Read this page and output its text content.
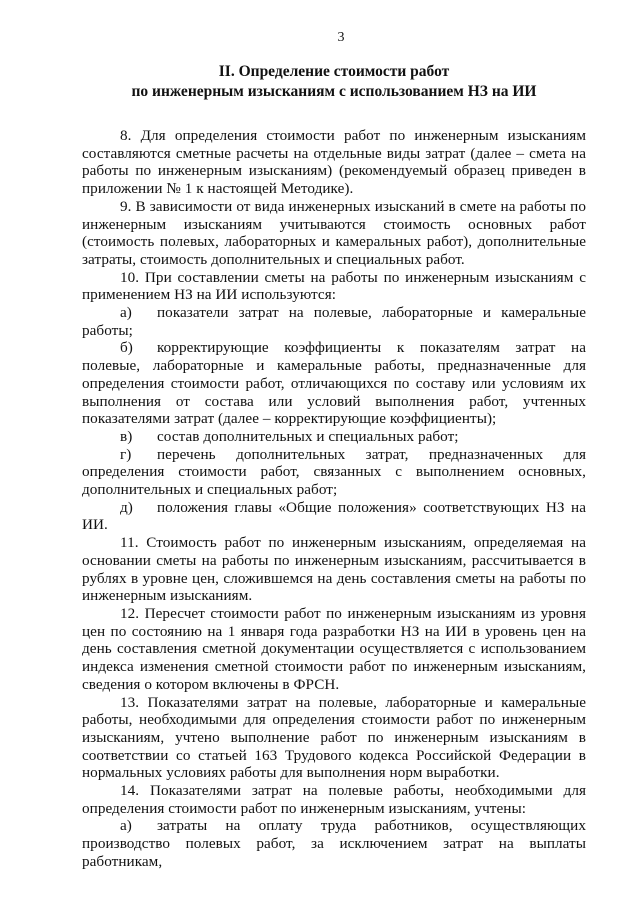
3
II. Определение стоимости работ
по инженерным изысканиям с использованием НЗ на ИИ

8. Для определения стоимости работ по инженерным изысканиям составляются сметные расчеты на отдельные виды затрат (далее – смета на работы по инженерным изысканиям) (рекомендуемый образец приведен в приложении № 1 к настоящей Методике).

9. В зависимости от вида инженерных изысканий в смете на работы по инженерным изысканиям учитываются стоимость основных работ (стоимость полевых, лабораторных и камеральных работ), дополнительные затраты, стоимость дополнительных и специальных работ.

10. При составлении сметы на работы по инженерным изысканиям с применением НЗ на ИИ используются:

а) показатели затрат на полевые, лабораторные и камеральные работы;

б) корректирующие коэффициенты к показателям затрат на полевые, лабораторные и камеральные работы, предназначенные для определения стоимости работ, отличающихся по составу или условиям их выполнения от состава или условий выполнения работ, учтенных показателями затрат (далее – корректирующие коэффициенты);

в) состав дополнительных и специальных работ;

г) перечень дополнительных затрат, предназначенных для определения стоимости работ, связанных с выполнением основных, дополнительных и специальных работ;

д) положения главы «Общие положения» соответствующих НЗ на ИИ.

11. Стоимость работ по инженерным изысканиям, определяемая на основании сметы на работы по инженерным изысканиям, рассчитывается в рублях в уровне цен, сложившемся на день составления сметы на работы по инженерным изысканиям.

12. Пересчет стоимости работ по инженерным изысканиям из уровня цен по состоянию на 1 января года разработки НЗ на ИИ в уровень цен на день составления сметной документации осуществляется с использованием индекса изменения сметной стоимости работ по инженерным изысканиям, сведения о котором включены в ФРСН.

13. Показателями затрат на полевые, лабораторные и камеральные работы, необходимыми для определения стоимости работ по инженерным изысканиям, учтено выполнение работ по инженерным изысканиям в соответствии со статьей 163 Трудового кодекса Российской Федерации в нормальных условиях работы для выполнения норм выработки.

14. Показателями затрат на полевые работы, необходимыми для определения стоимости работ по инженерным изысканиям, учтены:

а) затраты на оплату труда работников, осуществляющих производство полевых работ, за исключением затрат на выплаты работникам,
